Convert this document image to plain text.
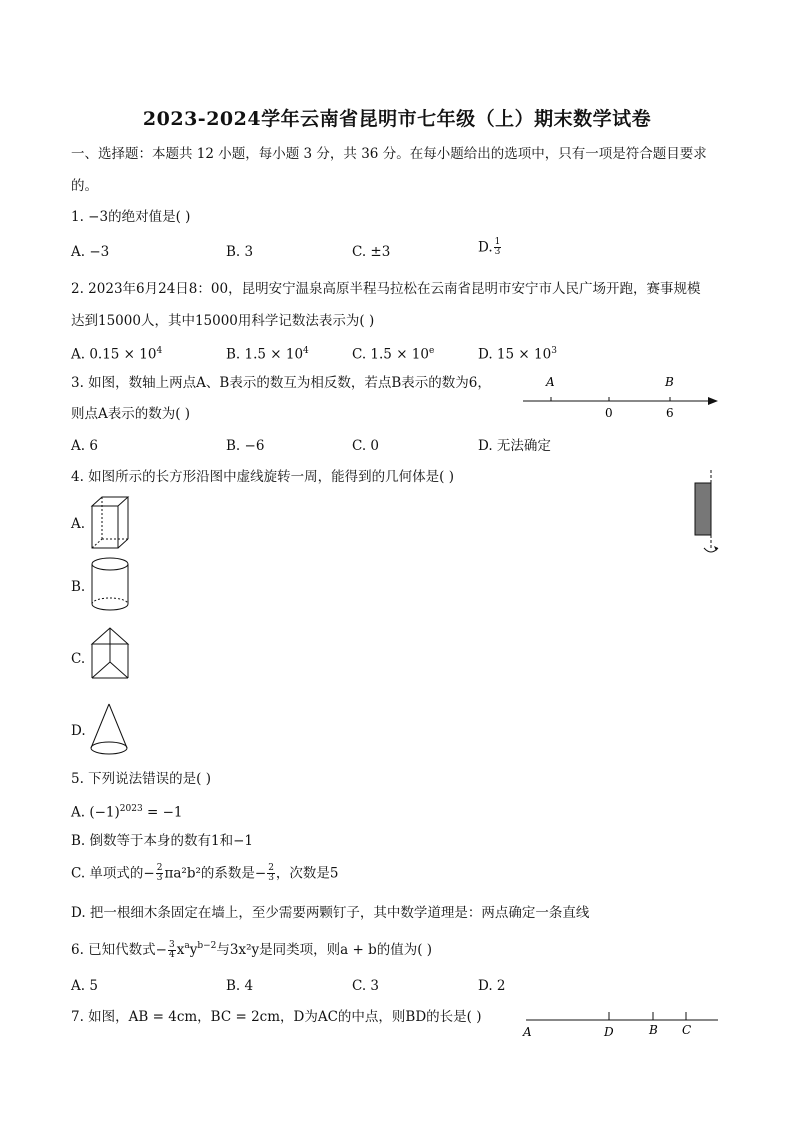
2023-2024学年云南省昆明市七年级（上）期末数学试卷
一、选择题：本题共 12 小题，每小题 3 分，共 36 分。在每小题给出的选项中，只有一项是符合题目要求
的。
1. −3的绝对值是( )
A. −3	B. 3	C. ±3	D. $\frac{1}{3}$
2. 2023年6月24日8：00，昆明安宁温泉高原半程马拉松在云南省昆明市安宁市人民广场开跑，赛事规模
达到15000人，其中15000用科学记数法表示为( )
A. $0.15 \times 10^4$	B. $1.5 \times 10^4$	C. $1.5 \times 10^e$	D. $15 \times 10^3$
3. 如图，数轴上两点A、B表示的数互为相反数，若点B表示的数为6，
则点A表示的数为( )
A. 6	B. −6	C. 0	D. 无法确定
A	B
0	6
4. 如图所示的长方形沿图中虚线旋转一周，能得到的几何体是( )
A.
B.
C.
D.
5. 下列说法错误的是( )
A. $(-1)^{2023} = -1$
B. 倒数等于本身的数有1和−1
C. 单项式的− $\frac{2}{3} \pi a^2b^2$的系数是− $\frac{2}{3}$ ，次数是5
D. 把一根细木条固定在墙上，至少需要两颗钉子，其中数学道理是：两点确定一条直线
6. 已知代数式− $\frac{3}{4} x^ay^{b-2}$与3x²y是同类项，则a + b的值为( )
A. 5	B. 4	C. 3	D. 2
7. 如图，AB = 4cm，BC = 2cm，D为AC的中点，则BD的长是( )
A	D	B C
